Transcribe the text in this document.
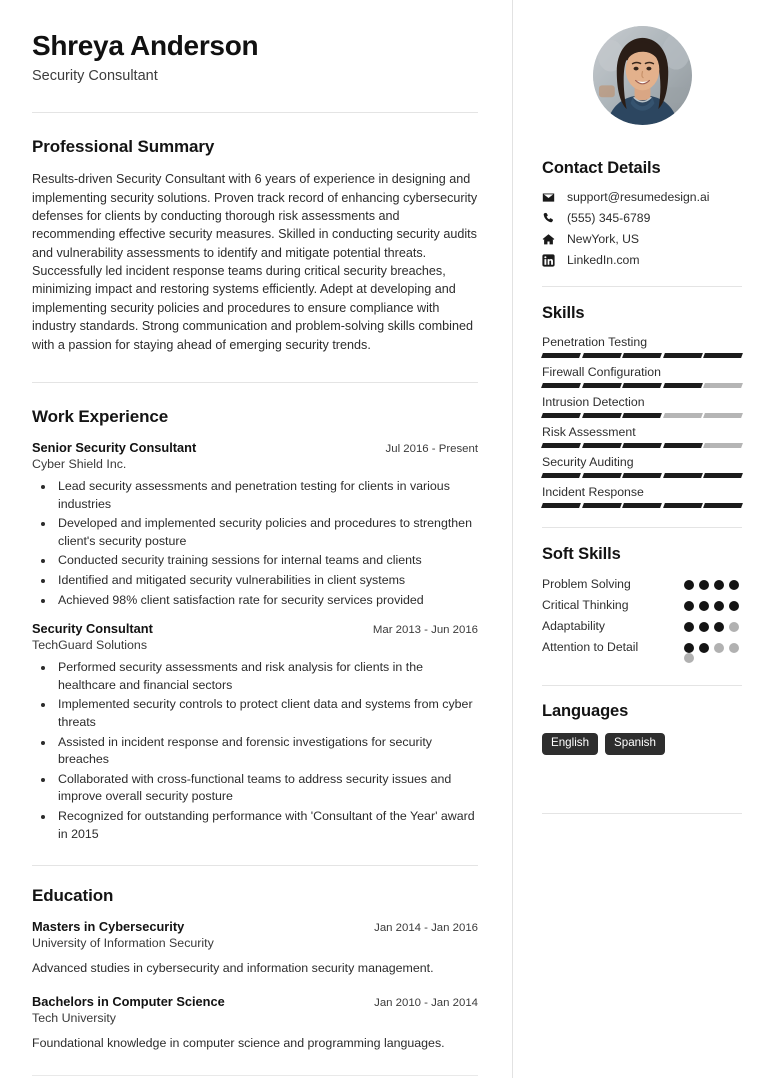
Shreya Anderson
Security Consultant
Professional Summary
Results-driven Security Consultant with 6 years of experience in designing and implementing security solutions. Proven track record of enhancing cybersecurity defenses for clients by conducting thorough risk assessments and recommending effective security measures. Skilled in conducting security audits and vulnerability assessments to identify and mitigate potential threats. Successfully led incident response teams during critical security breaches, minimizing impact and restoring systems efficiently. Adept at developing and implementing security policies and procedures to ensure compliance with industry standards. Strong communication and problem-solving skills combined with a passion for staying ahead of emerging security trends.
Work Experience
Senior Security Consultant	Jul 2016 - Present
Cyber Shield Inc.
• Lead security assessments and penetration testing for clients in various industries
• Developed and implemented security policies and procedures to strengthen client's security posture
• Conducted security training sessions for internal teams and clients
• Identified and mitigated security vulnerabilities in client systems
• Achieved 98% client satisfaction rate for security services provided
Security Consultant	Mar 2013 - Jun 2016
TechGuard Solutions
• Performed security assessments and risk analysis for clients in the healthcare and financial sectors
• Implemented security controls to protect client data and systems from cyber threats
• Assisted in incident response and forensic investigations for security breaches
• Collaborated with cross-functional teams to address security issues and improve overall security posture
• Recognized for outstanding performance with 'Consultant of the Year' award in 2015
Education
Masters in Cybersecurity	Jan 2014 - Jan 2016
University of Information Security
Advanced studies in cybersecurity and information security management.
Bachelors in Computer Science	Jan 2010 - Jan 2014
Tech University
Foundational knowledge in computer science and programming languages.
Contact Details
support@resumedesign.ai
(555) 345-6789
NewYork, US
LinkedIn.com
Skills
Penetration Testing
Firewall Configuration
Intrusion Detection
Risk Assessment
Security Auditing
Incident Response
Soft Skills
Problem Solving
Critical Thinking
Adaptability
Attention to Detail
Languages
English	Spanish
